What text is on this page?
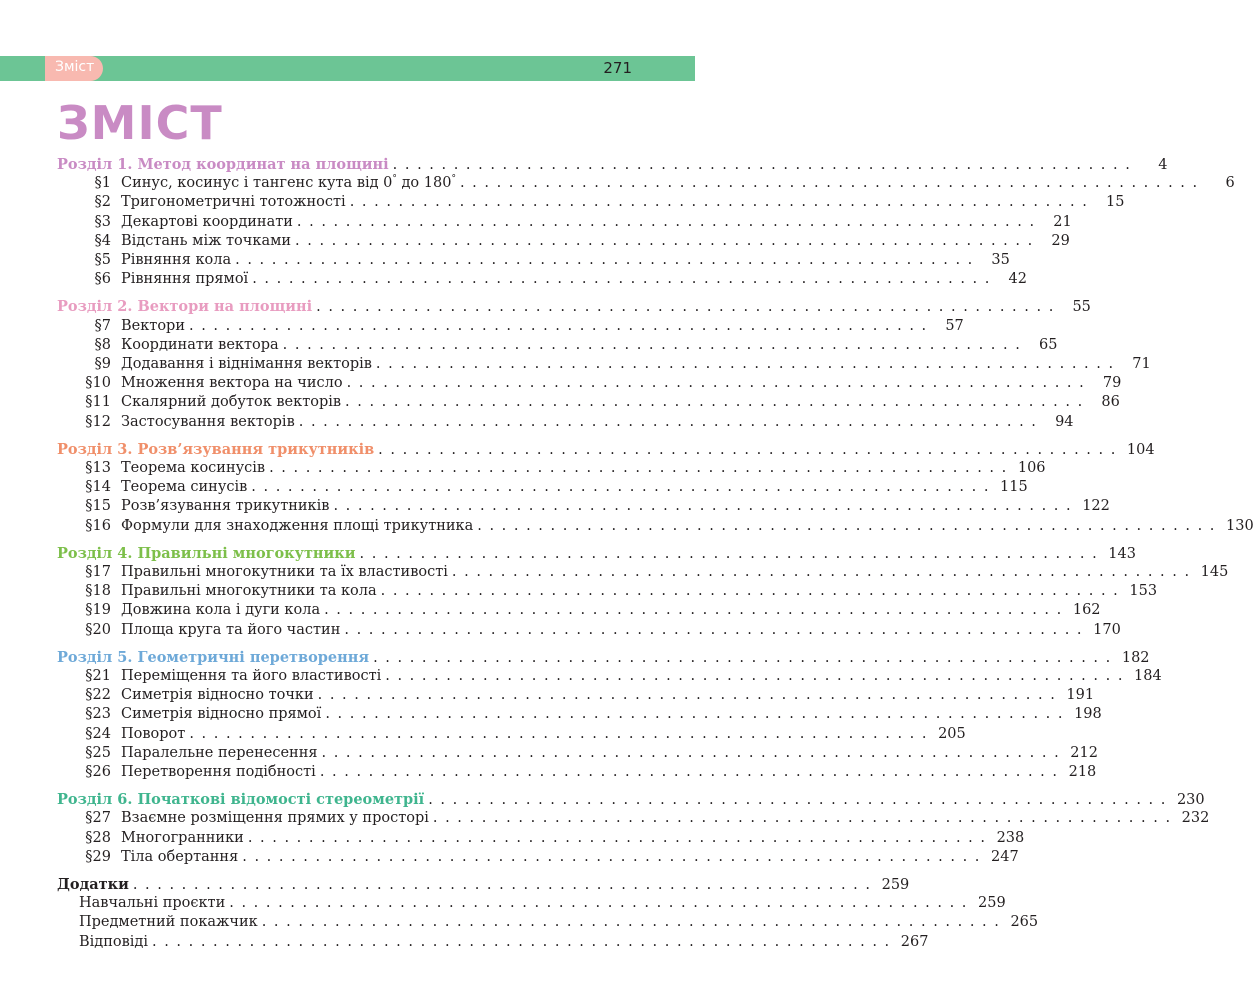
Зміст	271
ЗМІСТ
Розділ 1. Метод координат на площині .............................................................	4
§1 Синус, косинус і тангенс кута від 0° до 180° .............................................................	6
§2 Тригонометричні тотожності ............................................................. 15
§3 Декартові координати ............................................................. 21
§4 Відстань між точками ............................................................. 29
§5 Рівняння кола ............................................................. 35
§6 Рівняння прямої ............................................................. 42
Розділ 2. Вектори на площині ............................................................. 55
§7 Вектори ............................................................. 57
§8 Координати вектора ............................................................. 65
§9 Додавання і віднімання векторів ............................................................. 71
§10 Множення вектора на число ............................................................. 79
§11 Скалярний добуток векторів ............................................................. 86
§12 Застосування векторів ............................................................. 94
Розділ 3. Розв’язування трикутників ............................................................. 104
§13 Теорема косинусів ............................................................. 106
§14 Теорема синусів ............................................................. 115
§15 Розв’язування трикутників ............................................................. 122
§16 Формули для знаходження площі трикутника ............................................................. 130
Розділ 4. Правильні многокутники ............................................................. 143
§17 Правильні многокутники та їх властивості ............................................................. 145
§18 Правильні многокутники та кола ............................................................. 153
§19 Довжина кола і дуги кола ............................................................. 162
§20 Площа круга та його частин ............................................................. 170
Розділ 5. Геометричні перетворення ............................................................. 182
§21 Переміщення та його властивості ............................................................. 184
§22 Симетрія відносно точки ............................................................. 191
§23 Симетрія відносно прямої ............................................................. 198
§24 Поворот ............................................................. 205
§25 Паралельне перенесення ............................................................. 212
§26 Перетворення подібності ............................................................. 218
Розділ 6. Початкові відомості стереометрії ............................................................. 230
§27 Взаємне розміщення прямих у просторі ............................................................. 232
§28 Многогранники ............................................................. 238
§29 Тіла обертання ............................................................. 247
Додатки ............................................................. 259
Навчальні проєкти ............................................................. 259
Предметний покажчик ............................................................. 265
Відповіді ............................................................. 267
